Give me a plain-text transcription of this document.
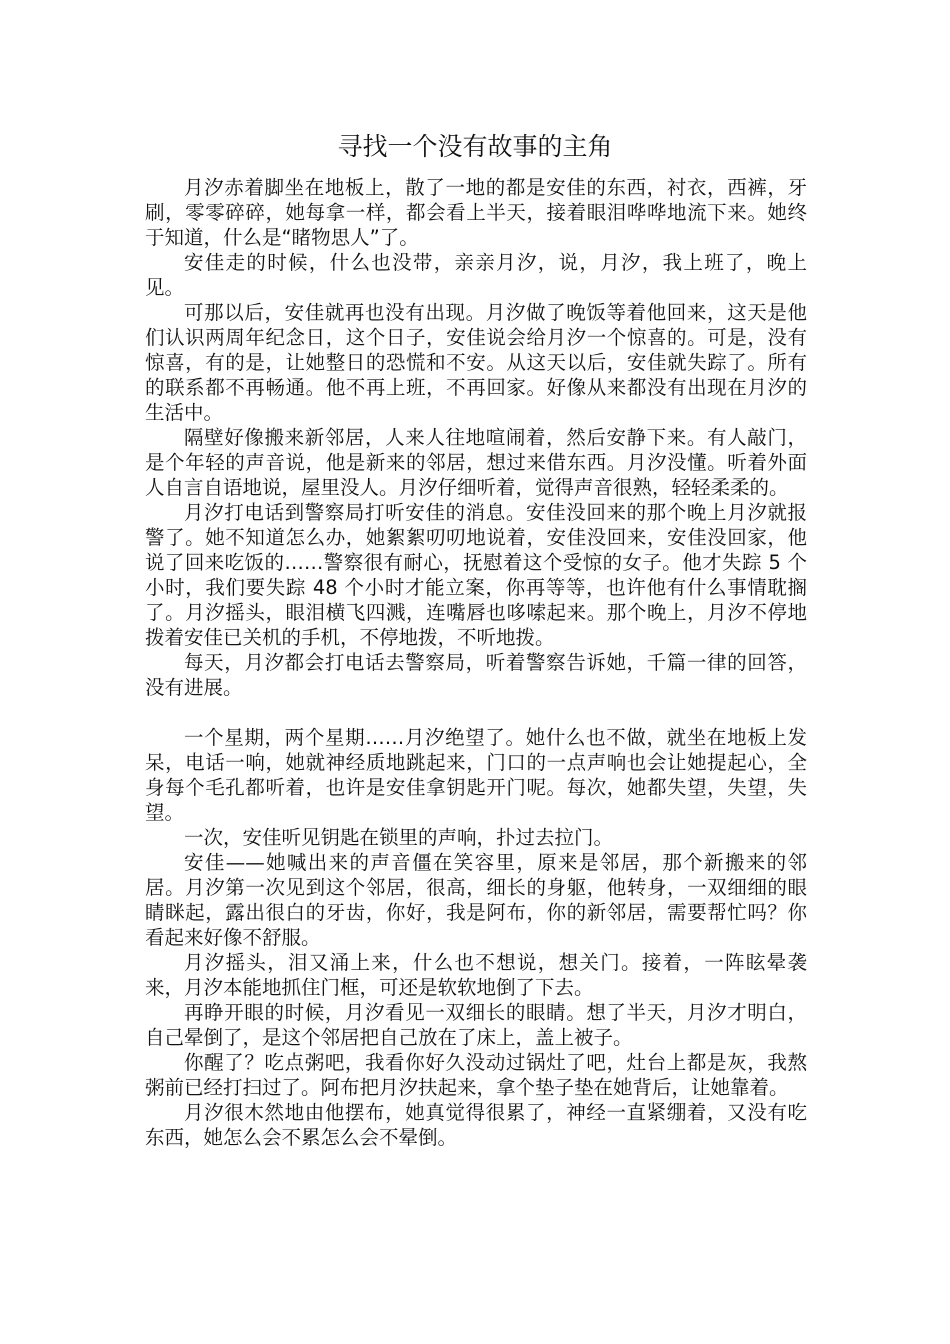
寻找一个没有故事的主角

月汐赤着脚坐在地板上，散了一地的都是安佳的东西，衬衣，西裤，牙刷，零零碎碎，她每拿一样，都会看上半天，接着眼泪哗哗地流下来。她终于知道，什么是“睹物思人”了。

安佳走的时候，什么也没带，亲亲月汐，说，月汐，我上班了，晚上见。

可那以后，安佳就再也没有出现。月汐做了晚饭等着他回来，这天是他们认识两周年纪念日，这个日子，安佳说会给月汐一个惊喜的。可是，没有惊喜，有的是，让她整日的恐慌和不安。从这天以后，安佳就失踪了。所有的联系都不再畅通。他不再上班，不再回家。好像从来都没有出现在月汐的生活中。

隔壁好像搬来新邻居，人来人往地喧闹着，然后安静下来。有人敲门，是个年轻的声音说，他是新来的邻居，想过来借东西。月汐没懂。听着外面人自言自语地说，屋里没人。月汐仔细听着，觉得声音很熟，轻轻柔柔的。

月汐打电话到警察局打听安佳的消息。安佳没回来的那个晚上月汐就报警了。她不知道怎么办，她絮絮叨叨地说着，安佳没回来，安佳没回家，他说了回来吃饭的……警察很有耐心，抚慰着这个受惊的女子。他才失踪 5 个小时，我们要失踪 48 个小时才能立案，你再等等，也许他有什么事情耽搁了。月汐摇头，眼泪横飞四溅，连嘴唇也哆嗦起来。那个晚上，月汐不停地拨着安佳已关机的手机，不停地拨，不听地拨。

每天，月汐都会打电话去警察局，听着警察告诉她，千篇一律的回答，没有进展。

一个星期，两个星期……月汐绝望了。她什么也不做，就坐在地板上发呆，电话一响，她就神经质地跳起来，门口的一点声响也会让她提起心，全身每个毛孔都听着，也许是安佳拿钥匙开门呢。每次，她都失望，失望，失望。

一次，安佳听见钥匙在锁里的声响，扑过去拉门。

安佳——她喊出来的声音僵在笑容里，原来是邻居，那个新搬来的邻居。月汐第一次见到这个邻居，很高，细长的身躯，他转身，一双细细的眼睛眯起，露出很白的牙齿，你好，我是阿布，你的新邻居，需要帮忙吗？你看起来好像不舒服。

月汐摇头，泪又涌上来，什么也不想说，想关门。接着，一阵眩晕袭来，月汐本能地抓住门框，可还是软软地倒了下去。

再睁开眼的时候，月汐看见一双细长的眼睛。想了半天，月汐才明白，自己晕倒了，是这个邻居把自己放在了床上，盖上被子。

你醒了？吃点粥吧，我看你好久没动过锅灶了吧，灶台上都是灰，我熬粥前已经打扫过了。阿布把月汐扶起来，拿个垫子垫在她背后，让她靠着。

月汐很木然地由他摆布，她真觉得很累了，神经一直紧绷着，又没有吃东西，她怎么会不累怎么会不晕倒。
